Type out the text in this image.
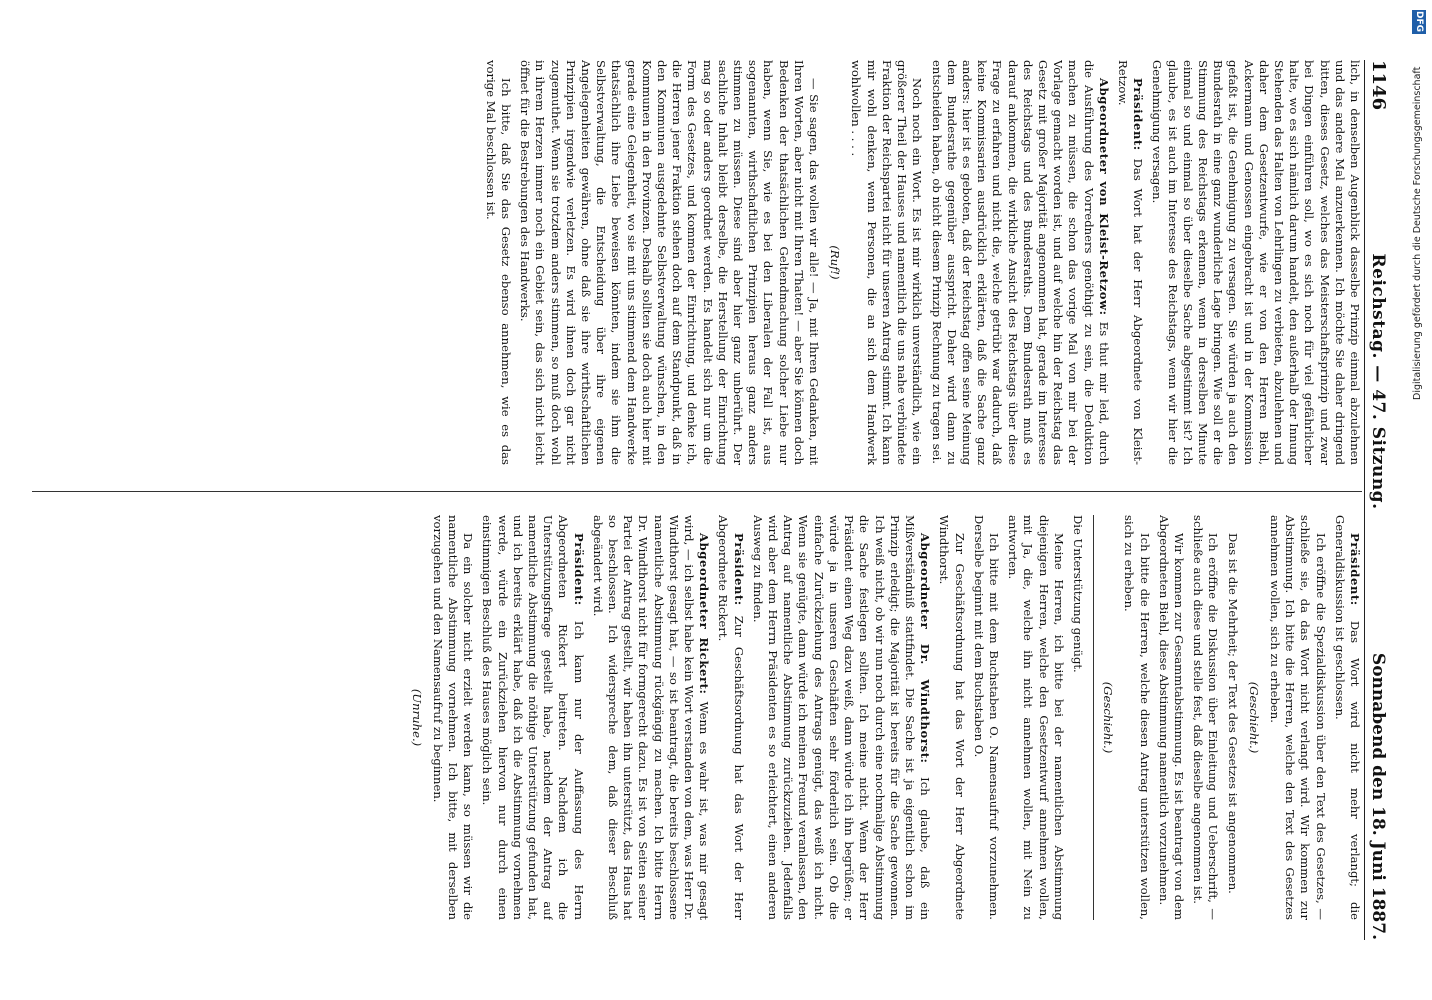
1146
Reichstag. — 47. Sitzung.
Sonnabend den 18. Juni 1887.

lich, in denselben Augenblick dasselbe Prinzip einmal abzulehnen und das andere Mal anzuerkennen. Ich möchte Sie daher dringend bitten, dieses Gesetz, welches das Meisterschaftsprinzip und zwar bei Dingen einführen soll, wo es sich noch für viel gefährlicher halte, wo es sich nämlich darum handelt, den außerhalb der Innung Stehenden das Halten von Lehrlingen zu verbieten, abzulehnen und daher dem Gesetzentwurfe, wie er von den Herren Biehl, Ackermann und Genossen eingebracht ist und in der Kommission gefaßt ist, die Genehmigung zu versagen. Sie würden ja auch den Bundesrath in eine ganz wunderliche Lage bringen. Wie soll er die Stimmung des Reichstags erkennen, wenn in derselben Minute einmal so und einmal so über dieselbe Sache abgestimmt ist? Ich glaube, es ist auch im Interesse des Reichstags, wenn wir hier die Genehmigung versagen.

Präsident: Das Wort hat der Herr Abgeordnete von Kleist-Retzow.

Abgeordneter von Kleist-Retzow: Es thut mir leid, durch die Ausführung des Vorredners genöthigt zu sein, die Deduktion machen zu müssen, die schon das vorige Mal von mir bei der Vorlage gemacht worden ist, und auf welche hin der Reichstag das Gesetz mit großer Majorität angenommen hat, gerade im Interesse des Reichstags und des Bundesraths. Dem Bundesrath muß es darauf ankommen, die wirkliche Ansicht des Reichstags über diese Frage zu erfahren und nicht die, welche getrübt war dadurch, daß keine Kommissarien ausdrücklich erklärten, daß die Sache ganz anders: hier ist es geboten, daß der Reichstag offen seine Meinung dem Bundesrathe gegenüber ausspricht. Daher wird dann zu entscheiden haben, ob nicht diesem Prinzip Rechnung zu tragen sei.

Noch noch ein Wort. Es ist mir wirklich unverständlich, wie ein größerer Theil der Hauses und namentlich die uns nahe verbündete Fraktion der Reichspartei nicht für unseren Antrag stimmt. Ich kann mir wohl denken, wenn Personen, die an sich dem Handwerk wohlwollen . . . .

(Ruf!)

— Sie sagen, das wollen wir alle! — Ja, mit Ihren Gedanken, mit Ihren Worten, aber nicht mit Ihren Thaten! — aber Sie können doch Bedenken der thatsächlichen Geltendmachung solcher Liebe nur haben, wenn Sie, wie es bei den Liberalen der Fall ist, aus sogenannten, wirthschaftlichen Prinzipien heraus ganz anders stimmen zu müssen. Diese sind aber hier ganz unberührt. Der sachliche Inhalt bleibt derselbe, die Herstellung der Einrichtung mag so oder anders geordnet werden. Es handelt sich nur um die Form des Gesetzes, und kommen der Einrichtung, und denke ich, die Herren jener Fraktion stehen doch auf dem Standpunkt, daß in den Kommunen ausgedehnte Selbstverwaltung wünschen, in den Kommunen in den Provinzen. Deshalb sollten sie doch auch hier mit gerade eine Gelegenheit, wo sie mit uns stimmend dem Handwerke thatsächlich ihre Liebe beweisen könnten, indem sie ihm die Selbstverwaltung, die Entscheidung über ihre eigenen Angelegenheiten gewähren, ohne daß sie ihre wirthschaftlichen Prinzipien irgendwie verletzen. Es wird ihnen doch gar nicht zugemuthet. Wenn sie trotzdem anders stimmen, so muß doch wohl in ihrem Herzen immer noch ein Gebiet sein, das sich nicht leicht öffnet für die Bestrebungen des Handwerks.

Ich bitte, daß Sie das Gesetz ebenso annehmen, wie es das vorige Mal beschlossen ist.

Präsident: Das Wort wird nicht mehr verlangt; die Generaldiskussion ist geschlossen.

Ich eröffne die Spezialdiskussion über den Text des Gesetzes, — schließe sie, da das Wort nicht verlangt wird. Wir kommen zur Abstimmung. Ich bitte die Herren, welche den Text des Gesetzes annehmen wollen, sich zu erheben.

(Geschieht.)

Das ist die Mehrheit; der Text des Gesetzes ist angenommen.

Ich eröffne die Diskussion über Einleitung und Ueberschrift, — schließe auch diese und stelle fest, daß dieselbe angenommen ist.

Wir kommen zur Gesammtabstimmung. Es ist beantragt von dem Abgeordneten Biehl, diese Abstimmung namentlich vorzunehmen.

Ich bitte die Herren, welche diesen Antrag unterstützen wollen, sich zu erheben.

(Geschieht.)

Die Unterstützung genügt.

Meine Herren, ich bitte bei der namentlichen Abstimmung diejenigen Herren, welche den Gesetzentwurf annehmen wollen, mit Ja, die, welche ihn nicht annehmen wollen, mit Nein zu antworten.

Ich bitte mit dem Buchstaben O. Namensaufruf vorzunehmen. Derselbe beginnt mit dem Buchstaben O.

Zur Geschäftsordnung hat das Wort der Herr Abgeordnete Windthorst.

Abgeordneter Dr. Windthorst: Ich glaube, daß ein Mißverständniß stattfindet. Die Sache ist ja eigentlich schon im Prinzip erledigt; die Majorität ist bereits für die Sache gewonnen. Ich weiß nicht, ob wir nun noch durch eine nochmalige Abstimmung die Sache festlegen sollten. Ich meine nicht. Wenn der Herr Präsident einen Weg dazu weiß, dann würde ich ihn begrüßen; er würde ja in unseren Geschäften sehr förderlich sein. Ob die einfache Zurückziehung des Antrags genügt, das weiß ich nicht. Wenn sie genügte, dann würde ich meinen Freund veranlassen, den Antrag auf namentliche Abstimmung zurückzuziehen. Jedenfalls wird aber dem Herrn Präsidenten es so erleichtert, einen anderen Ausweg zu finden.

Präsident: Zur Geschäftsordnung hat das Wort der Herr Abgeordnete Rickert.

Abgeordneter Rickert: Wenn es wahr ist, was mir gesagt wird, — ich selbst habe kein Wort verstanden von dem, was Herr Dr. Windthorst gesagt hat, — so ist beantragt, die bereits beschlossene namentliche Abstimmung rückgängig zu machen. Ich bitte Herrn Dr. Windthorst nicht für formgerecht dazu. Es ist von Seiten seiner Partei der Antrag gestellt, wir haben ihn unterstützt, das Haus hat so beschlossen. Ich widerspreche dem, daß dieser Beschluß abgeändert wird.

Präsident: Ich kann nur der Auffassung des Herrn Abgeordneten Rickert beitreten. Nachdem ich die Unterstützungsfrage gestellt habe, nachdem der Antrag auf namentliche Abstimmung die nöthige Unterstützung gefunden hat, und ich bereits erklärt habe, daß ich die Abstimmung vornehmen werde, würde ein Zurückziehen hiervon nur durch einen einstimmigen Beschluß des Hauses möglich sein.

Da ein solcher nicht erzielt werden kann, so müssen wir die namentliche Abstimmung vornehmen. Ich bitte, mit derselben vorzugehen und den Namensaufruf zu beginnen.

(Unruhe.)

DFG
Digitalisierung gefördert durch die Deutsche Forschungsgemeinschaft
